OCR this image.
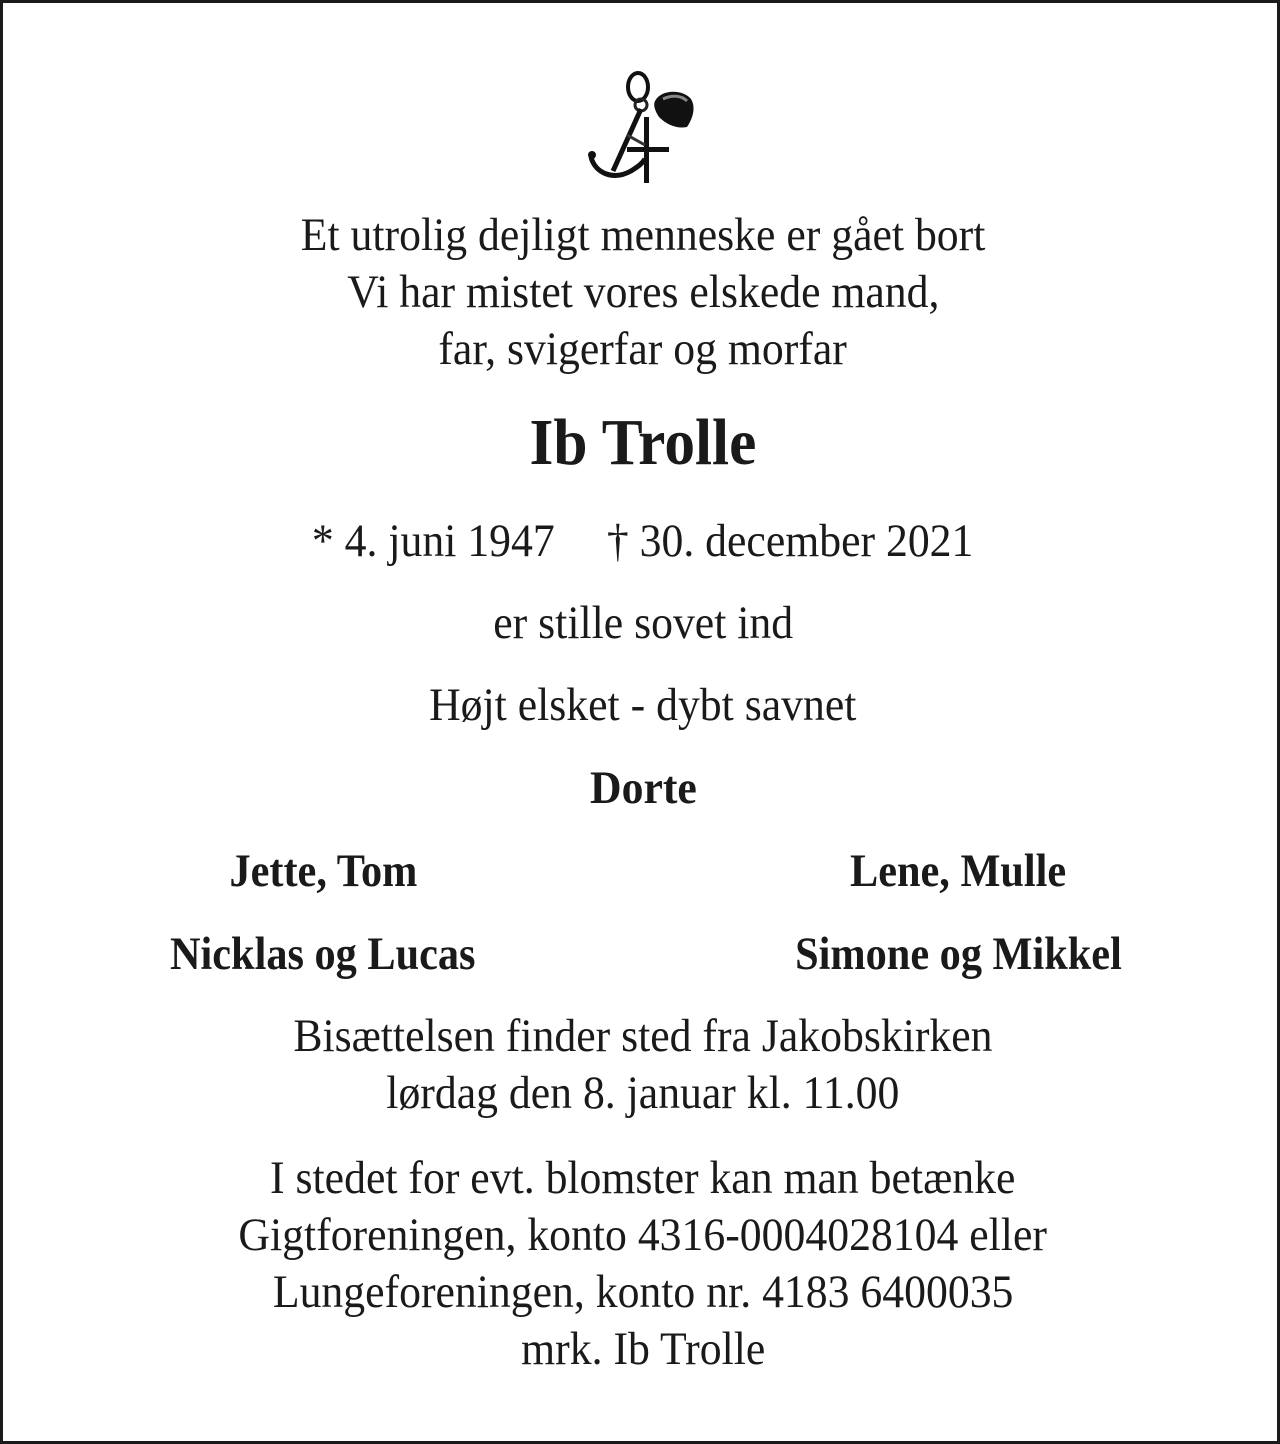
Et utrolig dejligt menneske er gået bort
Vi har mistet vores elskede mand,
far, svigerfar og morfar
Ib Trolle
* 4. juni 1947 † 30. december 2021
er stille sovet ind
Højt elsket - dybt savnet
Dorte
Jette, Tom	Lene, Mulle
Nicklas og Lucas	Simone og Mikkel
Bisættelsen finder sted fra Jakobskirken
lørdag den 8. januar kl. 11.00
I stedet for evt. blomster kan man betænke
Gigtforeningen, konto 4316-0004028104 eller
Lungeforeningen, konto nr. 4183 6400035
mrk. Ib Trolle
